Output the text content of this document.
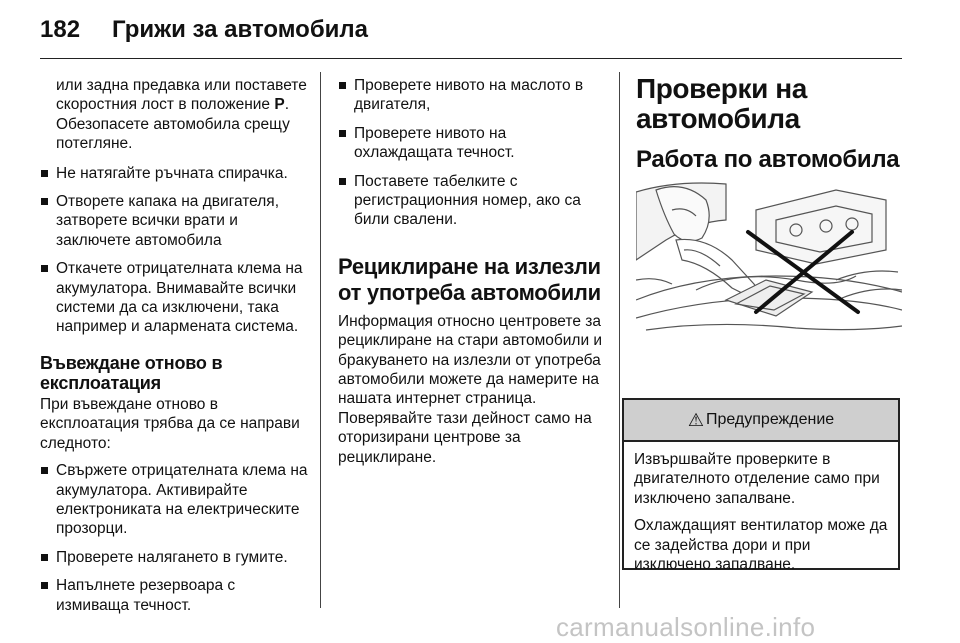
182 Грижи за автомобила

или задна предавка или поставете скоростния лост в положение P. Обезопасете автомобила срещу потегляне.

Не натягайте ръчната спирачка.
Отворете капака на двигателя, затворете всички врати и заключете автомобила
Откачете отрицателната клема на акумулатора. Внимавайте всички системи да са изключени, така например и алармената система.
Въвеждане отново в експлоатация

При въвеждане отново в експлоатация трябва да се направи следното:

Свържете отрицателната клема на акумулатора. Активирайте електрониката на електрическите прозорци.
Проверете налягането в гумите.
Напълнете резервоара с измиваща течност.
Проверете нивото на маслото в двигателя,
Проверете нивото на охлаждащата течност.
Поставете табелките с регистрационния номер, ако са били свалени.
Рециклиране на излезли от употреба автомобили

Информация относно центровете за рециклиране на стари автомобили и бракуването на излезли от употреба автомобили можете да намерите на нашата интернет страница. Поверявайте тази дейност само на оторизирани центрове за рециклиране.

Проверки на автомобила
Работа по автомобила
⚠ Предупреждение

Извършвайте проверките в двигателното отделение само при изключено запалване.

Охлаждащият вентилатор може да се задейства дори и при изключено запалване.

carmanualsonline.info
